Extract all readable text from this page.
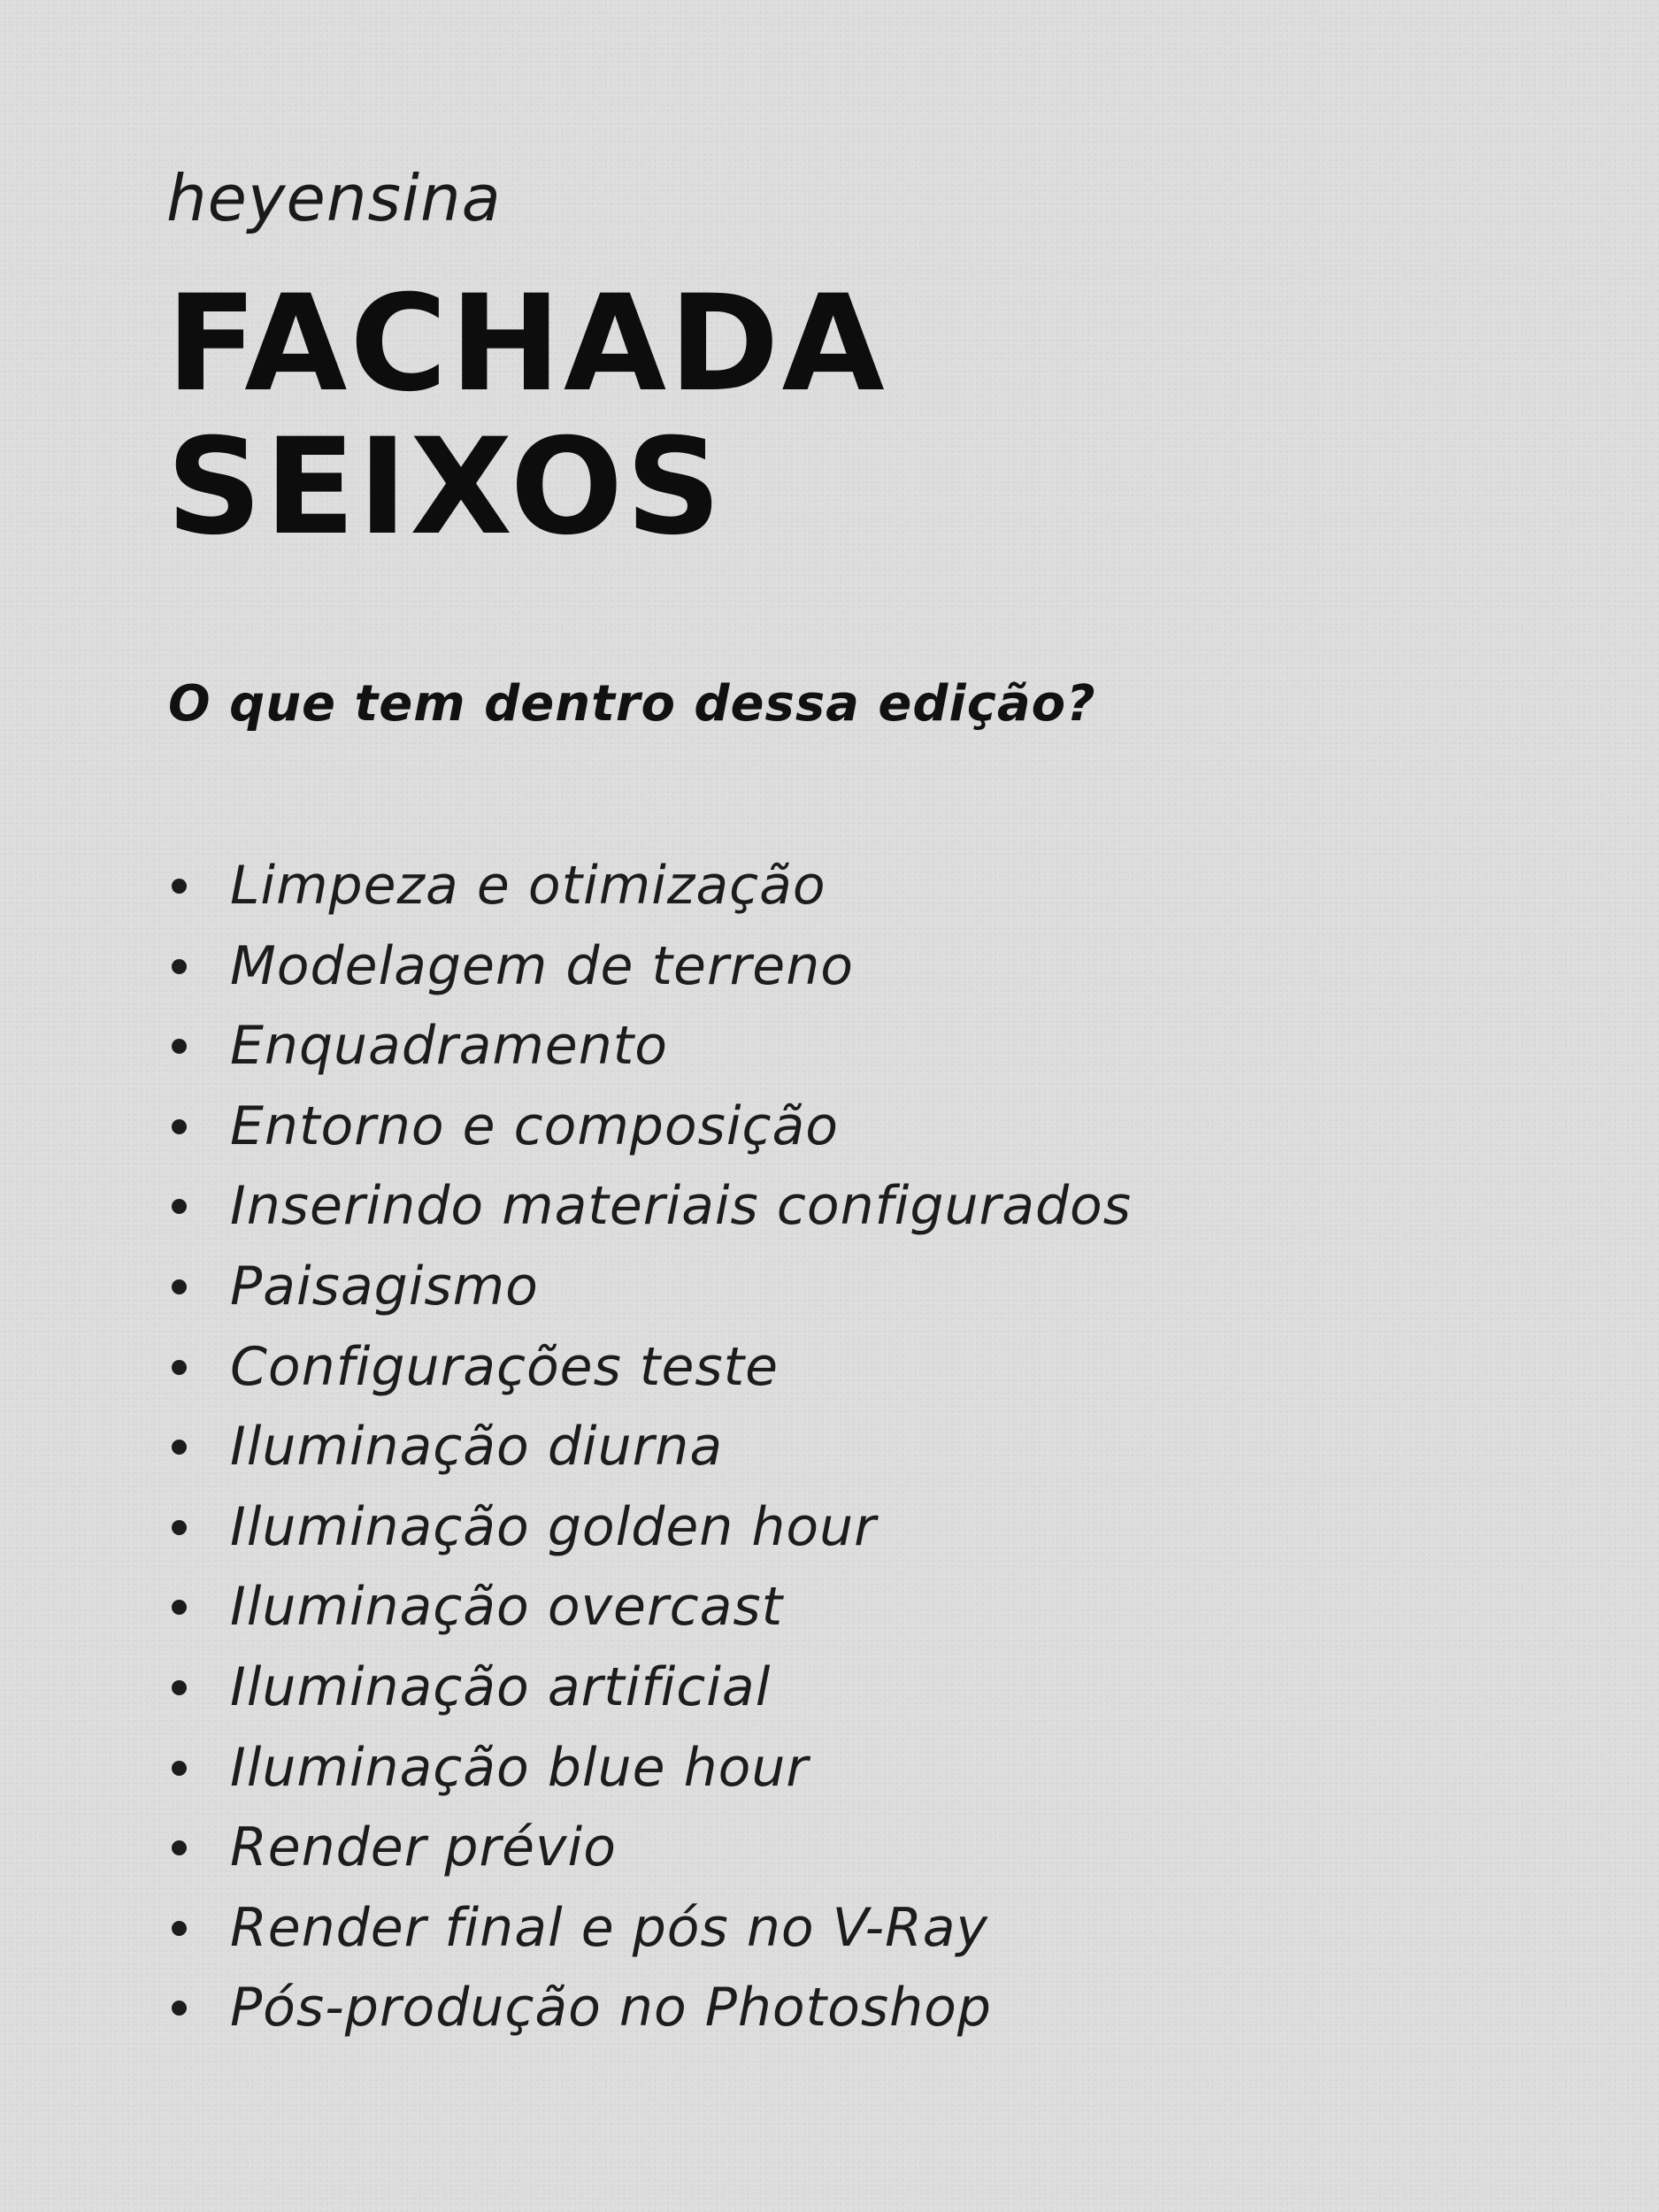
heyensina
FACHADA
SEIXOS
O que tem dentro dessa edição?
Limpeza e otimização
Modelagem de terreno
Enquadramento
Entorno e composição
Inserindo materiais configurados
Paisagismo
Configurações teste
Iluminação diurna
Iluminação golden hour
Iluminação overcast
Iluminação artificial
Iluminação blue hour
Render prévio
Render final e pós no V-Ray
Pós-produção no Photoshop
